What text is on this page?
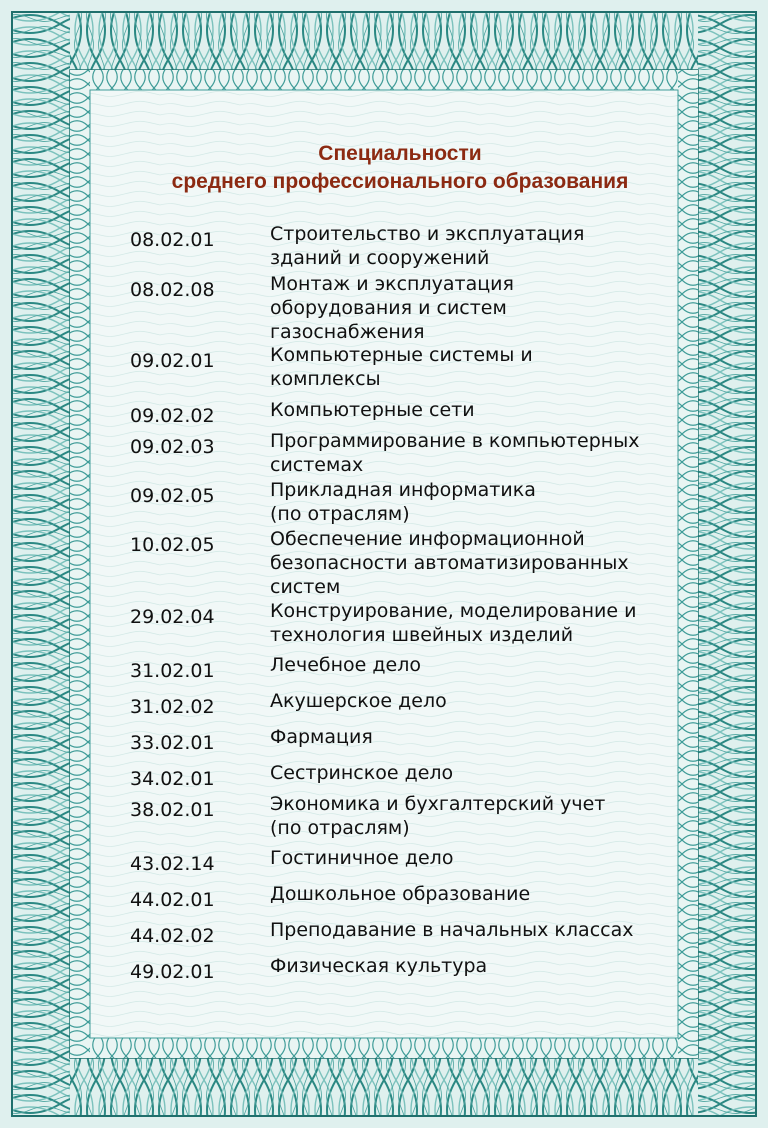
Специальности
среднего профессионального образования
08.02.01	Строительство и эксплуатация
зданий и сооружений
08.02.08	Монтаж и эксплуатация
оборудования и систем
газоснабжения
09.02.01	Компьютерные системы и
комплексы
09.02.02	Компьютерные сети
09.02.03	Программирование в компьютерных
системах
09.02.05	Прикладная информатика
(по отраслям)
10.02.05	Обеспечение информационной
безопасности автоматизированных
систем
29.02.04	Конструирование, моделирование и
технология швейных изделий
31.02.01	Лечебное дело
31.02.02	Акушерское дело
33.02.01	Фармация
34.02.01	Сестринское дело
38.02.01	Экономика и бухгалтерский учет
(по отраслям)
43.02.14	Гостиничное дело
44.02.01	Дошкольное образование
44.02.02	Преподавание в начальных классах
49.02.01	Физическая культура
